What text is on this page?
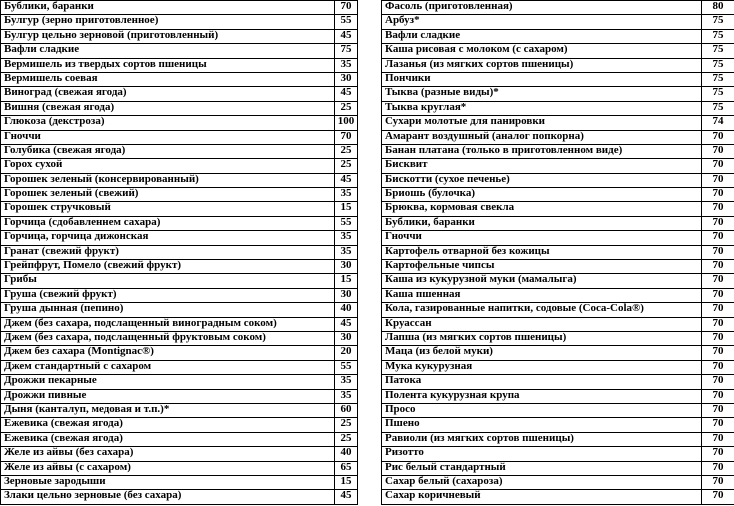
Бублики, баранки	70
Булгур (зерно приготовленное)	55
Булгур цельно зерновой (приготовленный)	45
Вафли сладкие	75
Вермишель из твердых сортов пшеницы	35
Вермишель соевая	30
Виноград (свежая ягода)	45
Вишня (свежая ягода)	25
Глюкоза (декстроза)	100
Гноччи	70
Голубика (свежая ягода)	25
Горох сухой	25
Горошек зеленый (консервированный)	45
Горошек зеленый (свежий)	35
Горошек стручковый	15
Горчица (сдобавленнем сахара)	55
Горчица, горчица дижонская	35
Гранат (свежий фрукт)	35
Грейпфрут, Помело (свежий фрукт)	30
Грибы	15
Груша (свежий фрукт)	30
Груша дынная (пепино)	40
Джем (без сахара, подслащенный виноградным соком)	45
Джем (без сахара, подслащенный фруктовым соком)	30
Джем без сахара (Montignac®)	20
Джем стандартный с сахаром	55
Дрожжи пекарные	35
Дрожжи пивные	35
Дыня (канталуп, медовая и т.п.)*	60
Ежевика (свежая ягода)	25
Ежевика (свежая ягода)	25
Желе из айвы (без сахара)	40
Желе из айвы (с сахаром)	65
Зерновые зародыши	15
Злаки цельно зерновые (без сахара)	45
Фасоль (приготовленная)	80
Арбуз*	75
Вафли сладкие	75
Каша рисовая с молоком (с сахаром)	75
Лазанья (из мягких сортов пшеницы)	75
Пончики	75
Тыква (разные виды)*	75
Тыква круглая*	75
Сухари молотые для панировки	74
Амарант воздушный (аналог попкорна)	70
Банан платана (только в приготовленном виде)	70
Бисквит	70
Бискотти (сухое печенье)	70
Бриошь (булочка)	70
Брюква, кормовая свекла	70
Бублики, баранки	70
Гноччи	70
Картофель отварной без кожицы	70
Картофельные чипсы	70
Каша из кукурузной муки (мамалыга)	70
Каша пшенная	70
Кола, газированные напитки, содовые (Coca-Cola®)	70
Круассан	70
Лапша (из мягких сортов пшеницы)	70
Маца (из белой муки)	70
Мука кукурузная	70
Патока	70
Полента кукурузная крупа	70
Просо	70
Пшено	70
Равиоли (из мягких сортов пшеницы)	70
Ризотто	70
Рис белый стандартный	70
Сахар белый (сахароза)	70
Сахар коричневый	70
